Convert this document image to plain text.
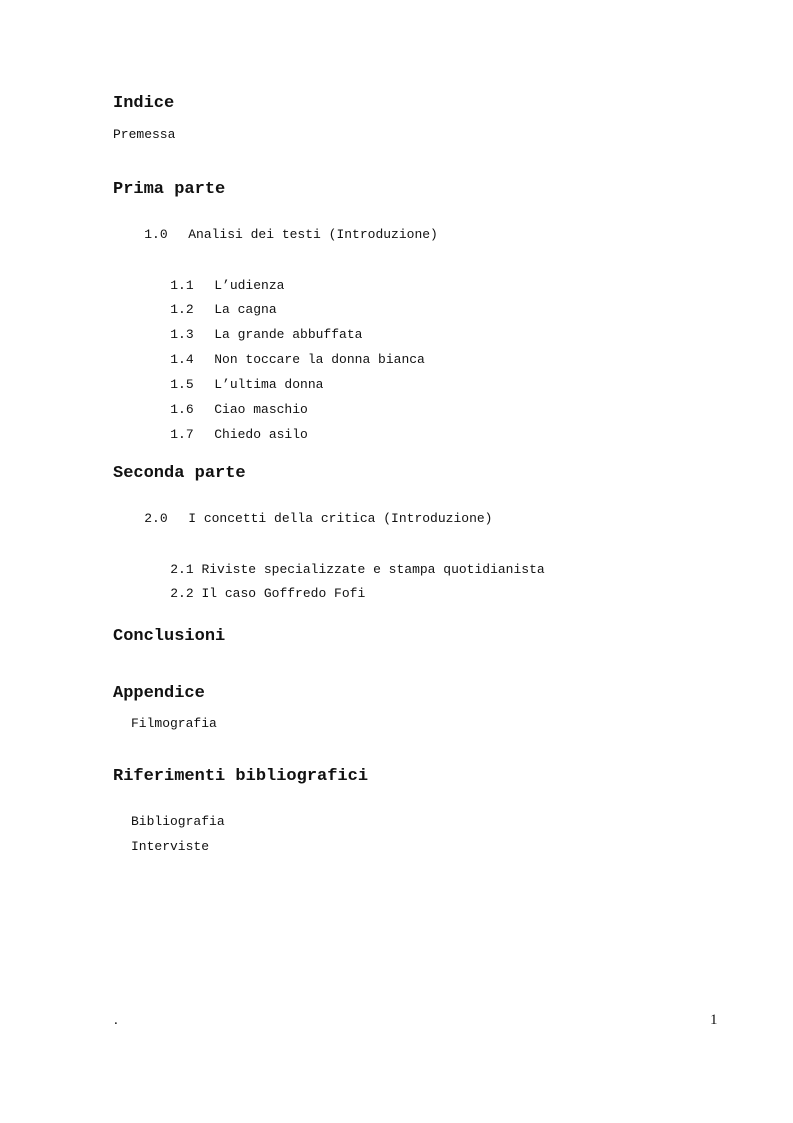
Indice
Premessa
Prima parte

1.0 Analisi dei testi (Introduzione)

1.1 L’udienza

1.2 La cagna

1.3 La grande abbuffata

1.4 Non toccare la donna bianca

1.5 L’ultima donna

1.6 Ciao maschio

1.7 Chiedo asilo

Seconda parte

2.0 I concetti della critica (Introduzione)

2.1 Riviste specializzate e stampa quotidianista

2.2 Il caso Goffredo Fofi

Conclusioni
Appendice
Filmografia
Riferimenti bibliografici
Bibliografia
Interviste
.	1
